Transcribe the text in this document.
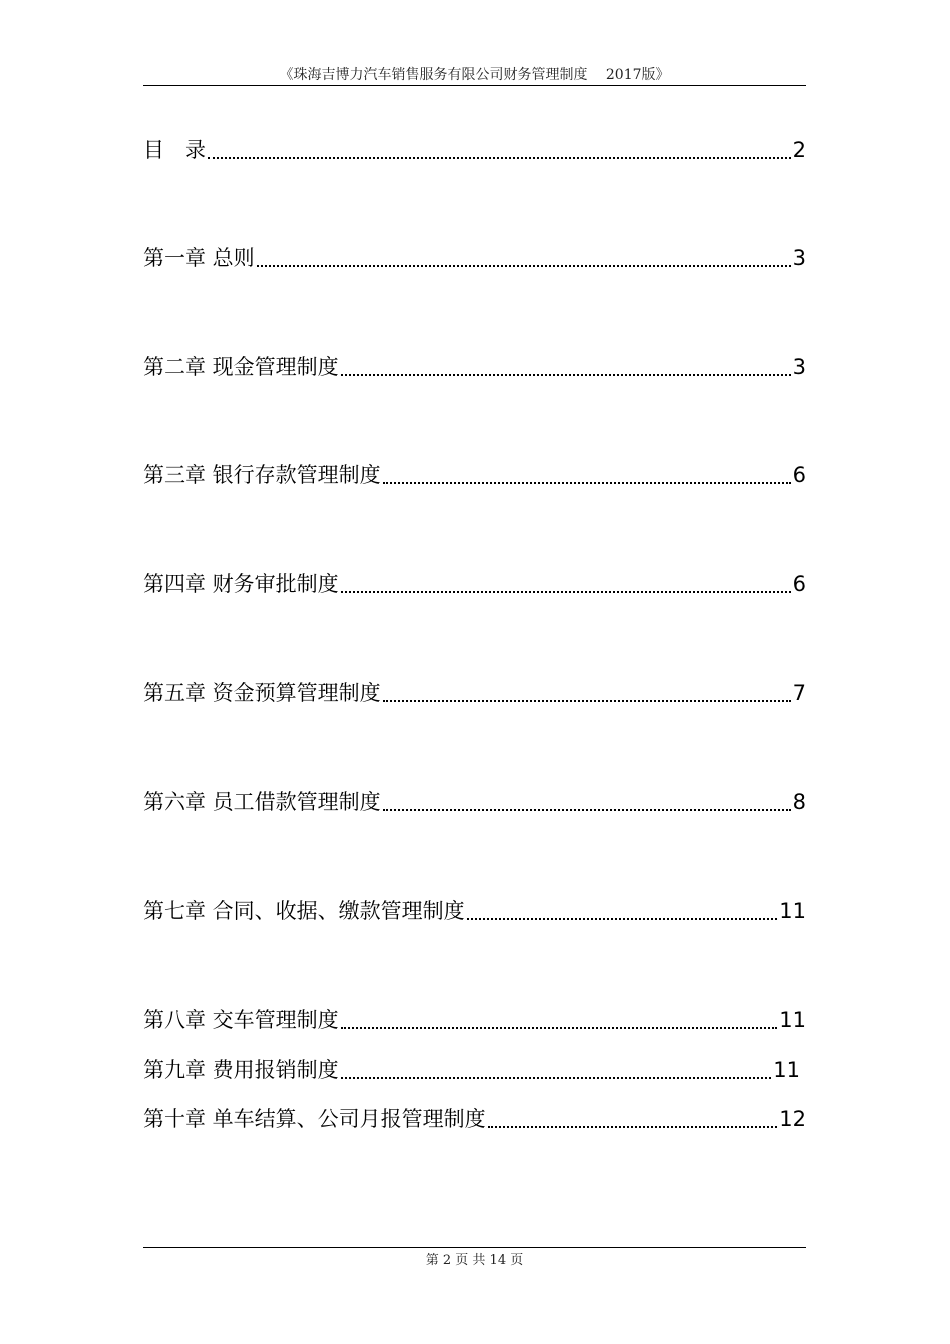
《珠海吉博力汽车销售服务有限公司财务管理制度　 2017版》
目　录	2
第一章 总则	3
第二章 现金管理制度	3
第三章 银行存款管理制度	6
第四章 财务审批制度	6
第五章 资金预算管理制度	7
第六章 员工借款管理制度	8
第七章 合同、收据、缴款管理制度	11
第八章 交车管理制度	11
第九章 费用报销制度	11
第十章 单车结算、公司月报管理制度	12
第 2 页 共 14 页
